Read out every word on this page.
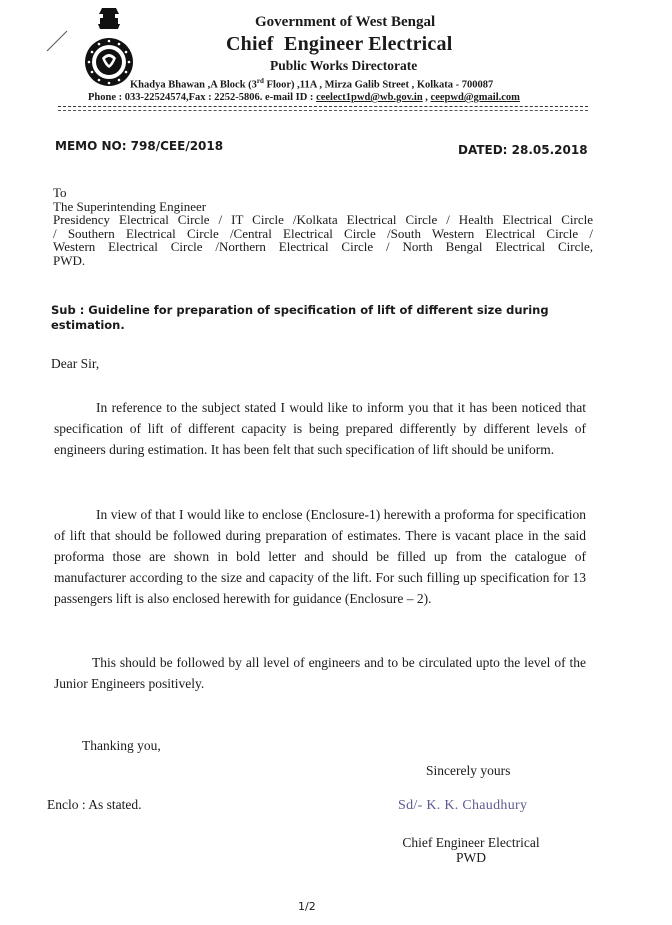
Government of West Bengal
Chief  Engineer Electrical
Public Works Directorate
Khadya Bhawan ,A Block (3rd Floor) ,11A , Mirza Galib Street , Kolkata - 700087
Phone : 033-22524574,Fax : 2252-5806. e-mail ID : ceelect1pwd@wb.gov.in , ceepwd@gmail.com
MEMO NO: 798/CEE/2018	DATED: 28.05.2018
To
The Superintending Engineer
Presidency Electrical Circle / IT Circle /Kolkata Electrical Circle / Health Electrical Circle
/ Southern Electrical Circle /Central Electrical Circle /South Western Electrical Circle /
Western Electrical Circle /Northern Electrical Circle / North Bengal Electrical Circle,
PWD.
Sub : Guideline for preparation of specification of lift of different size during estimation.
Dear Sir,
In reference to the subject stated I would like to inform you that it has been noticed that specification of lift of different capacity is being prepared differently by different levels of engineers during estimation. It has been felt that such specification of lift should be uniform.
In view of that I would like to enclose (Enclosure-1) herewith a proforma for specification of lift that should be followed during preparation of estimates. There is vacant place in the said proforma those are shown in bold letter and should be filled up from the catalogue of manufacturer according to the size and capacity of the lift. For such filling up specification for 13 passengers lift is also enclosed herewith for guidance (Enclosure – 2).
This should be followed by all level of engineers and to be circulated upto the level of the Junior Engineers positively.
Thanking you,
Sincerely yours
Enclo : As stated.	Sd/- K. K. Chaudhury
Chief Engineer Electrical
PWD
1/2
